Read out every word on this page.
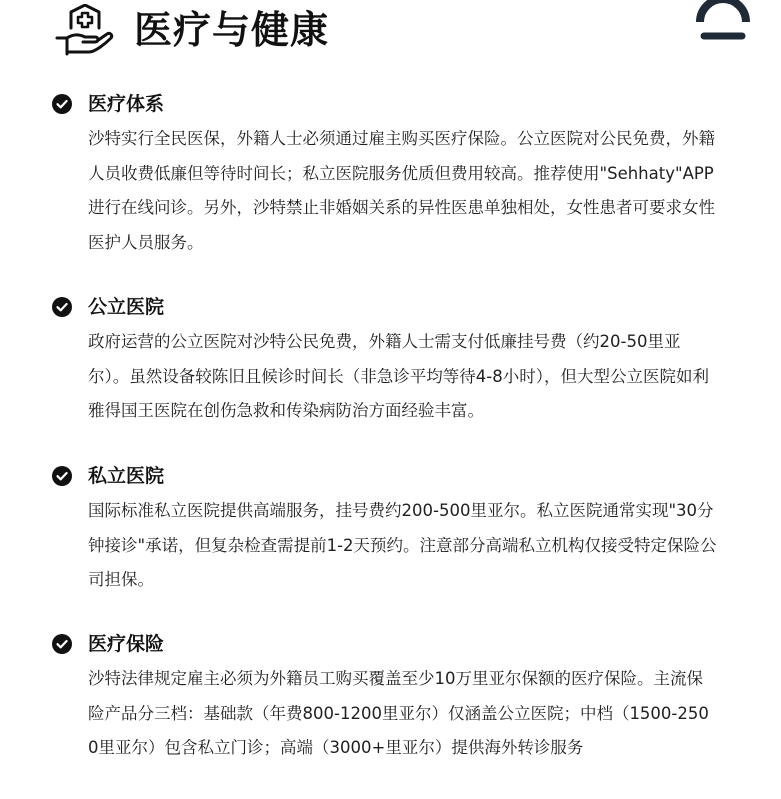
医疗与健康
医疗体系
沙特实行全民医保，外籍人士必须通过雇主购买医疗保险。公立医院对公民免费，外籍人员收费低廉但等待时间长；私立医院服务优质但费用较高。推荐使用"Sehhaty"APP进行在线问诊。另外，沙特禁止非婚姻关系的异性医患单独相处，女性患者可要求女性医护人员服务。
公立医院
政府运营的公立医院对沙特公民免费，外籍人士需支付低廉挂号费（约20-50里亚尔）。虽然设备较陈旧且候诊时间长（非急诊平均等待4-8小时），但大型公立医院如利雅得国王医院在创伤急救和传染病防治方面经验丰富。
私立医院
国际标准私立医院提供高端服务，挂号费约200-500里亚尔。私立医院通常实现"30分钟接诊"承诺，但复杂检查需提前1-2天预约。注意部分高端私立机构仅接受特定保险公司担保。
医疗保险
沙特法律规定雇主必须为外籍员工购买覆盖至少10万里亚尔保额的医疗保险。主流保险产品分三档：基础款（年费800-1200里亚尔）仅涵盖公立医院；中档（1500-2500里亚尔）包含私立门诊；高端（3000+里亚尔）提供海外转诊服务
